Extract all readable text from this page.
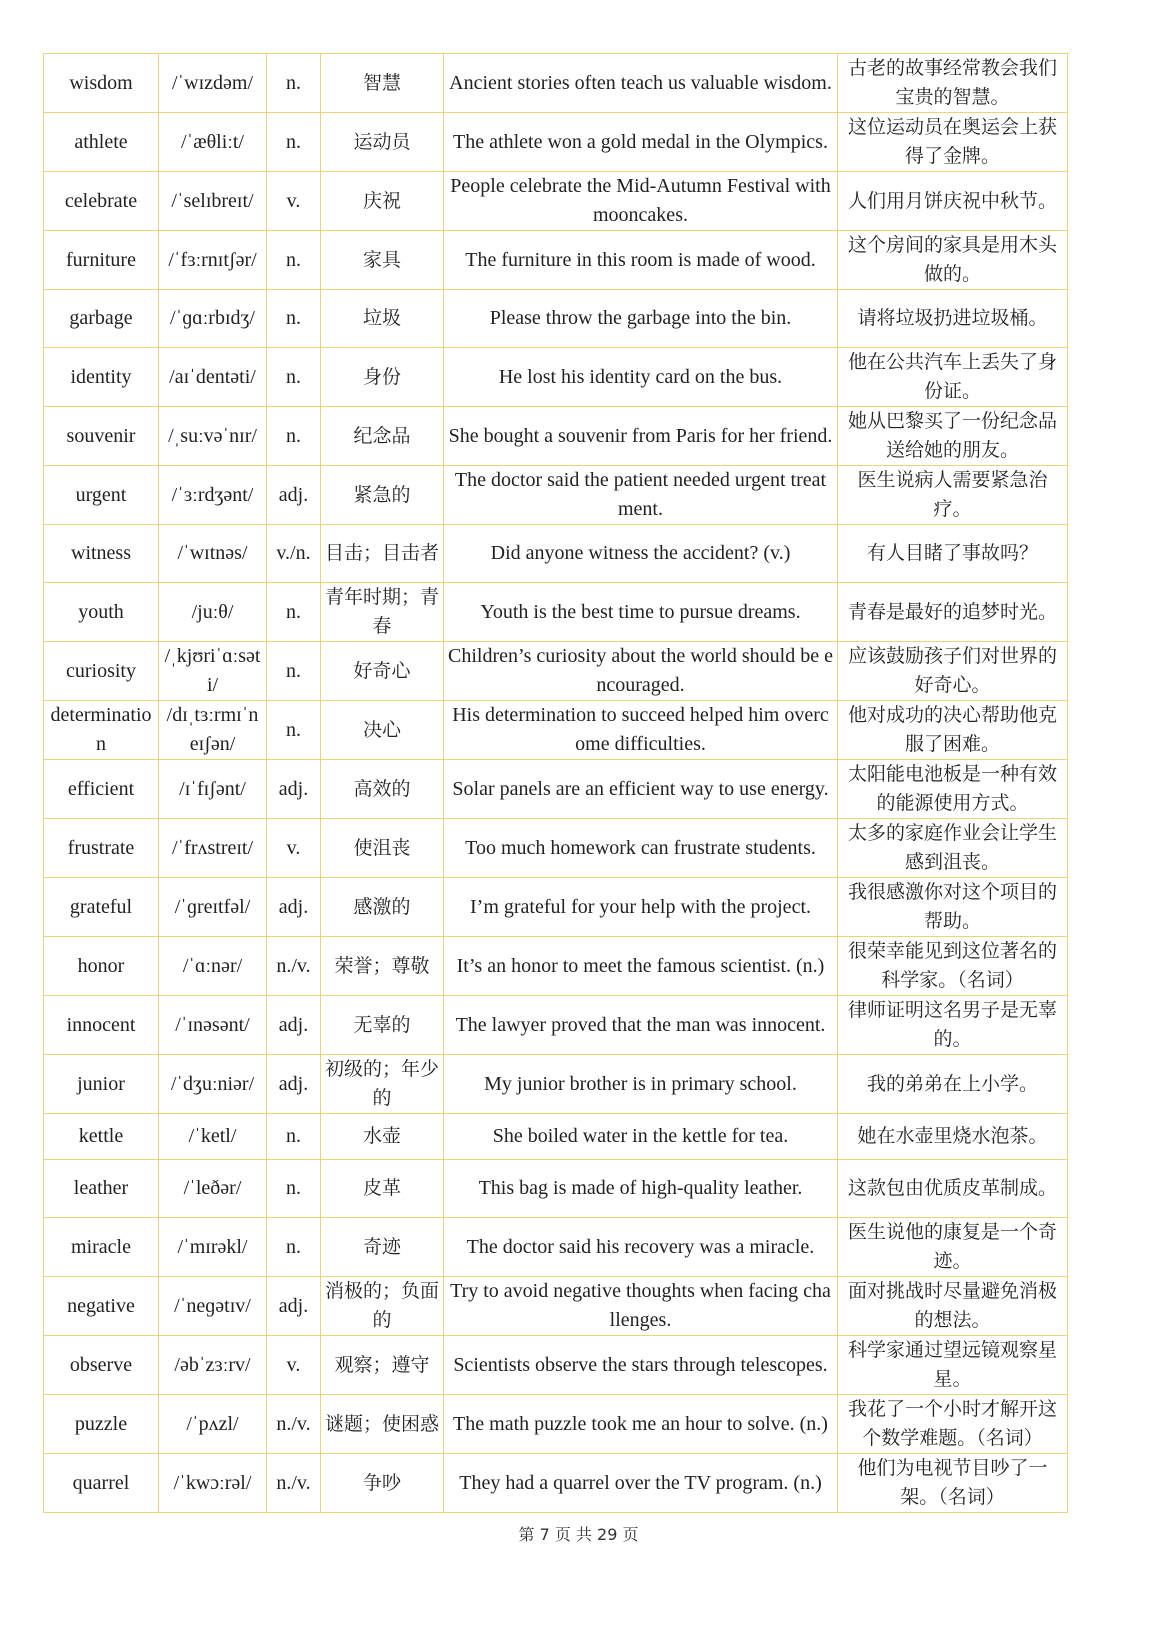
wisdom	/ˈwɪzdəm/	n.	智慧	Ancient stories often teach us valuable wisdom.	古老的故事经常教会我们宝贵的智慧。
athlete	/ˈæθliːt/	n.	运动员	The athlete won a gold medal in the Olympics.	这位运动员在奥运会上获得了金牌。
celebrate	/ˈselɪbreɪt/	v.	庆祝	People celebrate the Mid-Autumn Festival with mooncakes.	人们用月饼庆祝中秋节。
furniture	/ˈfɜːrnɪtʃər/	n.	家具	The furniture in this room is made of wood.	这个房间的家具是用木头做的。
garbage	/ˈɡɑːrbɪdʒ/	n.	垃圾	Please throw the garbage into the bin.	请将垃圾扔进垃圾桶。
identity	/aɪˈdentəti/	n.	身份	He lost his identity card on the bus.	他在公共汽车上丢失了身份证。
souvenir	/ˌsuːvəˈnɪr/	n.	纪念品	She bought a souvenir from Paris for her friend.	她从巴黎买了一份纪念品送给她的朋友。
urgent	/ˈɜːrdʒənt/	adj.	紧急的	The doctor said the patient needed urgent treatment.	医生说病人需要紧急治疗。
witness	/ˈwɪtnəs/	v./n.	目击；目击者	Did anyone witness the accident? (v.)	有人目睹了事故吗？
youth	/juːθ/	n.	青年时期；青春	Youth is the best time to pursue dreams.	青春是最好的追梦时光。
curiosity	/ˌkjʊriˈɑːsəti/	n.	好奇心	Children’s curiosity about the world should be encouraged.	应该鼓励孩子们对世界的好奇心。
determination	/dɪˌtɜːrmɪˈneɪʃən/	n.	决心	His determination to succeed helped him overcome difficulties.	他对成功的决心帮助他克服了困难。
efficient	/ɪˈfɪʃənt/	adj.	高效的	Solar panels are an efficient way to use energy.	太阳能电池板是一种有效的能源使用方式。
frustrate	/ˈfrʌstreɪt/	v.	使沮丧	Too much homework can frustrate students.	太多的家庭作业会让学生感到沮丧。
grateful	/ˈɡreɪtfəl/	adj.	感激的	I’m grateful for your help with the project.	我很感激你对这个项目的帮助。
honor	/ˈɑːnər/	n./v.	荣誉；尊敬	It’s an honor to meet the famous scientist. (n.)	很荣幸能见到这位著名的科学家。（名词）
innocent	/ˈɪnəsənt/	adj.	无辜的	The lawyer proved that the man was innocent.	律师证明这名男子是无辜的。
junior	/ˈdʒuːniər/	adj.	初级的；年少的	My junior brother is in primary school.	我的弟弟在上小学。
kettle	/ˈketl/	n.	水壶	She boiled water in the kettle for tea.	她在水壶里烧水泡茶。
leather	/ˈleðər/	n.	皮革	This bag is made of high-quality leather.	这款包由优质皮革制成。
miracle	/ˈmɪrəkl/	n.	奇迹	The doctor said his recovery was a miracle.	医生说他的康复是一个奇迹。
negative	/ˈneɡətɪv/	adj.	消极的；负面的	Try to avoid negative thoughts when facing challenges.	面对挑战时尽量避免消极的想法。
observe	/əbˈzɜːrv/	v.	观察；遵守	Scientists observe the stars through telescopes.	科学家通过望远镜观察星星。
puzzle	/ˈpʌzl/	n./v.	谜题；使困惑	The math puzzle took me an hour to solve. (n.)	我花了一个小时才解开这个数学难题。（名词）
quarrel	/ˈkwɔːrəl/	n./v.	争吵	They had a quarrel over the TV program. (n.)	他们为电视节目吵了一架。（名词）
第 7 页 共 29 页
